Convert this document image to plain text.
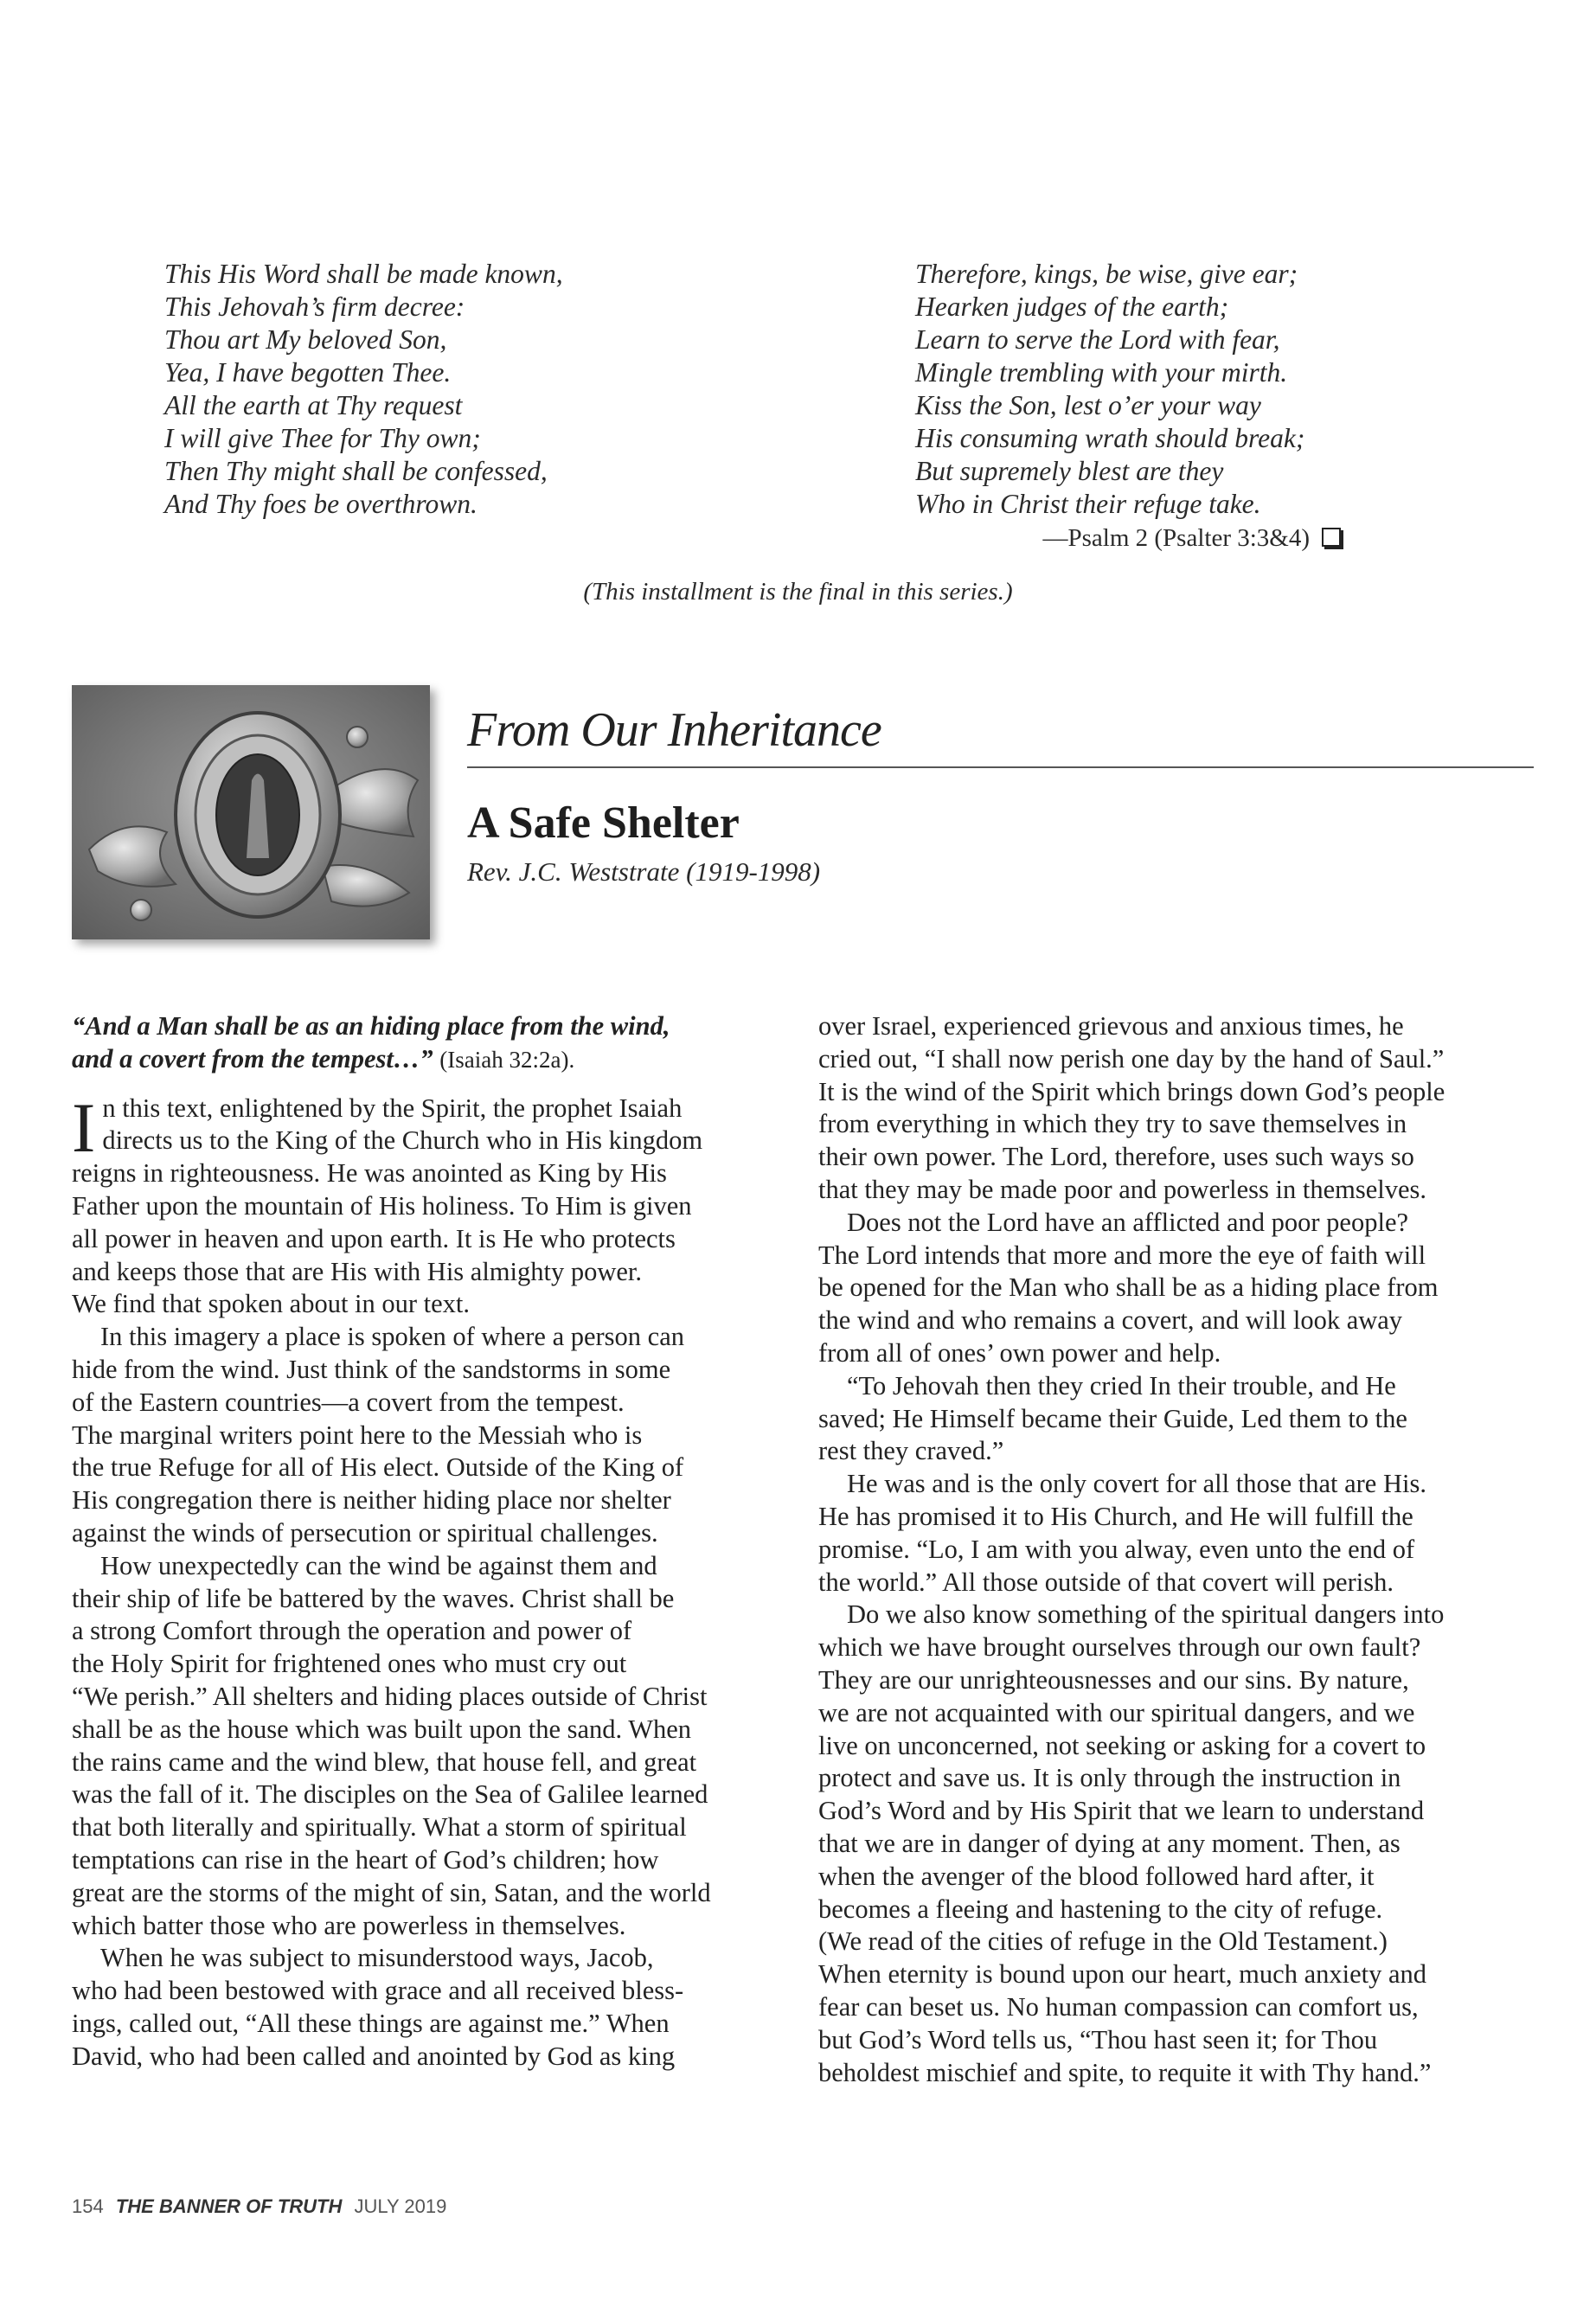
This His Word shall be made known,
This Jehovah’s firm decree:
Thou art My beloved Son,
Yea, I have begotten Thee.
All the earth at Thy request
I will give Thee for Thy own;
Then Thy might shall be confessed,
And Thy foes be overthrown.
Therefore, kings, be wise, give ear;
Hearken judges of the earth;
Learn to serve the Lord with fear,
Mingle trembling with your mirth.
Kiss the Son, lest o’er your way
His consuming wrath should break;
But supremely blest are they
Who in Christ their refuge take.
—Psalm 2 (Psalter 3:3&4)
(This installment is the final in this series.)
From Our Inheritance
A Safe Shelter
Rev. J.C. Weststrate (1919-1998)
“And a Man shall be as an hiding place from the wind,
and a covert from the tempest…” (Isaiah 32:2a).
I n this text, enlightened by the Spirit, the prophet Isaiah
directs us to the King of the Church who in His kingdom
reigns in righteousness. He was anointed as King by His
Father upon the mountain of His holiness. To Him is given
all power in heaven and upon earth. It is He who protects
and keeps those that are His with His almighty power.
We find that spoken about in our text.
In this imagery a place is spoken of where a person can
hide from the wind. Just think of the sandstorms in some
of the Eastern countries—a covert from the tempest.
The marginal writers point here to the Messiah who is
the true Refuge for all of His elect. Outside of the King of
His congregation there is neither hiding place nor shelter
against the winds of persecution or spiritual challenges.
How unexpectedly can the wind be against them and
their ship of life be battered by the waves. Christ shall be
a strong Comfort through the operation and power of
the Holy Spirit for frightened ones who must cry out
“We perish.” All shelters and hiding places outside of Christ
shall be as the house which was built upon the sand. When
the rains came and the wind blew, that house fell, and great
was the fall of it. The disciples on the Sea of Galilee learned
that both literally and spiritually. What a storm of spiritual
temptations can rise in the heart of God’s children; how
great are the storms of the might of sin, Satan, and the world
which batter those who are powerless in themselves.
When he was subject to misunderstood ways, Jacob,
who had been bestowed with grace and all received bless-
ings, called out, “All these things are against me.” When
David, who had been called and anointed by God as king
over Israel, experienced grievous and anxious times, he
cried out, “I shall now perish one day by the hand of Saul.”
It is the wind of the Spirit which brings down God’s people
from everything in which they try to save themselves in
their own power. The Lord, therefore, uses such ways so
that they may be made poor and powerless in themselves.
Does not the Lord have an afflicted and poor people?
The Lord intends that more and more the eye of faith will
be opened for the Man who shall be as a hiding place from
the wind and who remains a covert, and will look away
from all of ones’ own power and help.
“To Jehovah then they cried In their trouble, and He
saved; He Himself became their Guide, Led them to the
rest they craved.”
He was and is the only covert for all those that are His.
He has promised it to His Church, and He will fulfill the
promise. “Lo, I am with you alway, even unto the end of
the world.” All those outside of that covert will perish.
Do we also know something of the spiritual dangers into
which we have brought ourselves through our own fault?
They are our unrighteousnesses and our sins. By nature,
we are not acquainted with our spiritual dangers, and we
live on unconcerned, not seeking or asking for a covert to
protect and save us. It is only through the instruction in
God’s Word and by His Spirit that we learn to understand
that we are in danger of dying at any moment. Then, as
when the avenger of the blood followed hard after, it
becomes a fleeing and hastening to the city of refuge.
(We read of the cities of refuge in the Old Testament.)
When eternity is bound upon our heart, much anxiety and
fear can beset us. No human compassion can comfort us,
but God’s Word tells us, “Thou hast seen it; for Thou
beholdest mischief and spite, to requite it with Thy hand.”
154 THE BANNER OF TRUTH JULY 2019
